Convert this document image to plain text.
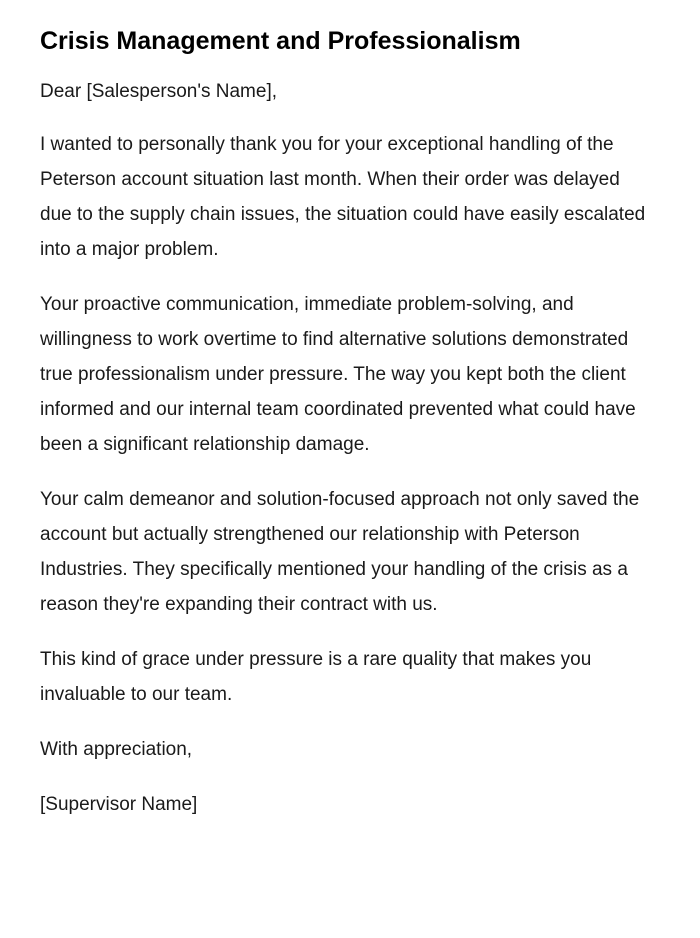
Crisis Management and Professionalism

Dear [Salesperson's Name],

I wanted to personally thank you for your exceptional handling of the Peterson account situation last month. When their order was delayed due to the supply chain issues, the situation could have easily escalated into a major problem.

Your proactive communication, immediate problem-solving, and willingness to work overtime to find alternative solutions demonstrated true professionalism under pressure. The way you kept both the client informed and our internal team coordinated prevented what could have been a significant relationship damage.

Your calm demeanor and solution-focused approach not only saved the account but actually strengthened our relationship with Peterson Industries. They specifically mentioned your handling of the crisis as a reason they're expanding their contract with us.

This kind of grace under pressure is a rare quality that makes you invaluable to our team.

With appreciation,

[Supervisor Name]
